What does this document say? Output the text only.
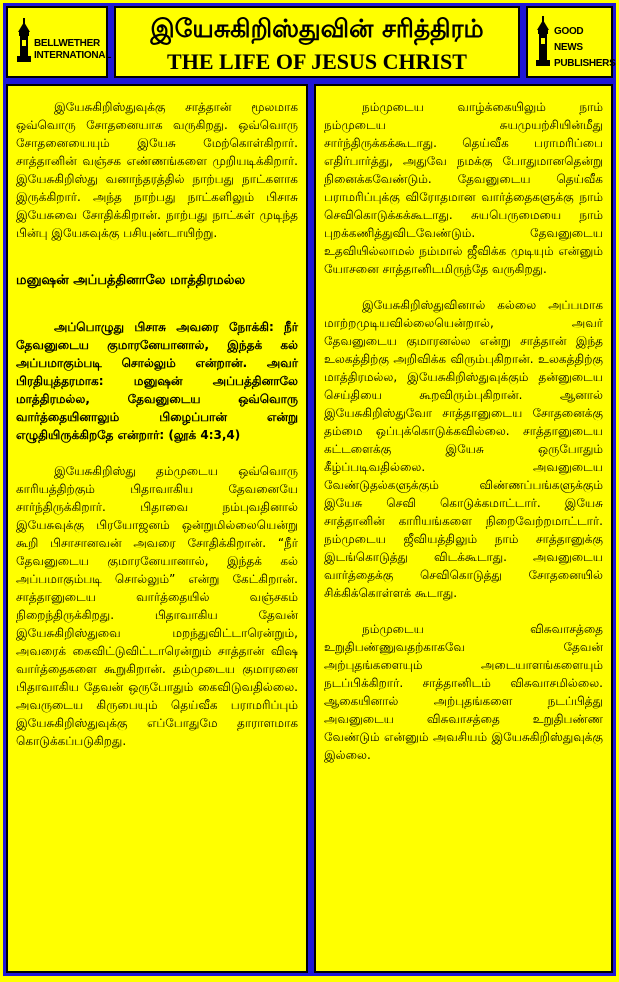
BELLWETHER INTERNATIONAL
இயேசுகிறிஸ்துவின் சரித்திரம்
THE LIFE OF JESUS CHRIST
GOOD NEWS PUBLISHERS

இயேசுகிறிஸ்துவுக்கு சாத்தான் மூலமாக ஒவ்வொரு சோதனையாக வருகிறது. ஒவ்வொரு சோதனையையும் இயேசு மேற்கொள்கிறார். சாத்தானின் வஞ்சக எண்ணங்களை முறியடிக்கிறார். இயேசுகிறிஸ்து வனாந்தரத்தில் நாற்பது நாட்களாக இருக்கிறார். அந்த நாற்பது நாட்களிலும் பிசாசு இயேசுவை சோதிக்கிறான். நாற்பது நாட்கள் முடிந்த பின்பு இயேசுவுக்கு பசியுண்டாயிற்று.

மனுஷன் அப்பத்தினாலே மாத்திரமல்ல

அப்பொழுது பிசாசு அவரை நோக்கி: நீர் தேவனுடைய குமாரனேயானால், இந்தக் கல் அப்பமாகும்படி சொல்லும் என்றான். அவர் பிரதியுத்தரமாக: மனுஷன் அப்பத்தினாலே மாத்திரமல்ல, தேவனுடைய ஒவ்வொரு வார்த்தையினாலும் பிழைப்பான் என்று எழுதியிருக்கிறதே என்றார்: (லூக் 4:3,4)

இயேசுகிறிஸ்து தம்முடைய ஒவ்வொரு காரியத்திற்கும் பிதாவாகிய தேவனையே சார்ந்திருக்கிறார். பிதாவை நம்புவதினால் இயேசுவுக்கு பிரயோஜனம் ஒன்றுமில்லையென்று கூறி பிசாசானவன் அவரை சோதிக்கிறான். “நீர் தேவனுடைய குமாரனேயானால், இந்தக் கல் அப்பமாகும்படி சொல்லும்” என்று கேட்கிறான். சாத்தானுடைய வார்த்தையில் வஞ்சகம் நிறைந்திருக்கிறது. பிதாவாகிய தேவன் இயேசுகிறிஸ்துவை மறந்துவிட்டாரென்றும், அவரைக் கைவிட்டுவிட்டாரென்றும் சாத்தான் விஷ வார்த்தைகளை கூறுகிறான். தம்முடைய குமாரனை பிதாவாகிய தேவன் ஒருபோதும் கைவிடுவதில்லை. அவருடைய கிருபையும் தெய்வீக பராமரிப்பும் இயேசுகிறிஸ்துவுக்கு எப்போதுமே தாராளமாக கொடுக்கப்படுகிறது.

நம்முடைய வாழ்க்கையிலும் நாம் நம்முடைய சுயமுயற்சியின்மீது சார்ந்திருக்கக்கூடாது. தெய்வீக பராமரிப்பை எதிர்பார்த்து, அதுவே நமக்கு போதுமானதென்று நினைக்கவேண்டும். தேவனுடைய தெய்வீக பராமரிப்புக்கு விரோதமான வார்த்தைகளுக்கு நாம் செவிகொடுக்கக்கூடாது. சுயபெருமையை நாம் புறக்கணித்துவிடவேண்டும். தேவனுடைய உதவியில்லாமல் நம்மால் ஜீவிக்க முடியும் என்னும் யோசனை சாத்தானிடமிருந்தே வருகிறது.

இயேசுகிறிஸ்துவினால் கல்லை அப்பமாக மாற்றமுடியவில்லையென்றால், அவர் தேவனுடைய குமாரனல்ல என்று சாத்தான் இந்த உலகத்திற்கு அறிவிக்க விரும்புகிறான். உலகத்திற்கு மாத்திரமல்ல, இயேசுகிறிஸ்துவுக்கும் தன்னுடைய செய்தியை கூறவிரும்புகிறான். ஆனால் இயேசுகிறிஸ்துவோ சாத்தானுடைய சோதனைக்கு தம்மை ஒப்புக்கொடுக்கவில்லை. சாத்தானுடைய கட்டளைக்கு இயேசு ஒருபோதும் கீழ்ப்படிவதில்லை. அவனுடைய வேண்டுதல்களுக்கும் விண்ணப்பங்களுக்கும் இயேசு செவி கொடுக்கமாட்டார். இயேசு சாத்தானின் காரியங்களை நிறைவேற்றமாட்டார். நம்முடைய ஜீவியத்திலும் நாம் சாத்தானுக்கு இடங்கொடுத்து விடக்கூடாது. அவனுடைய வார்த்தைக்கு செவிகொடுத்து சோதனையில் சிக்கிக்கொள்ளக் கூடாது.

நம்முடைய விசுவாசத்தை உறுதிபண்ணுவதற்காகவே தேவன் அற்புதங்களையும் அடையாளங்களையும் நடப்பிக்கிறார். சாத்தானிடம் விசுவாசமில்லை. ஆகையினால் அற்புதங்களை நடப்பித்து அவனுடைய விசுவாசத்தை உறுதிபண்ண வேண்டும் என்னும் அவசியம் இயேசுகிறிஸ்துவுக்கு இல்லை.
